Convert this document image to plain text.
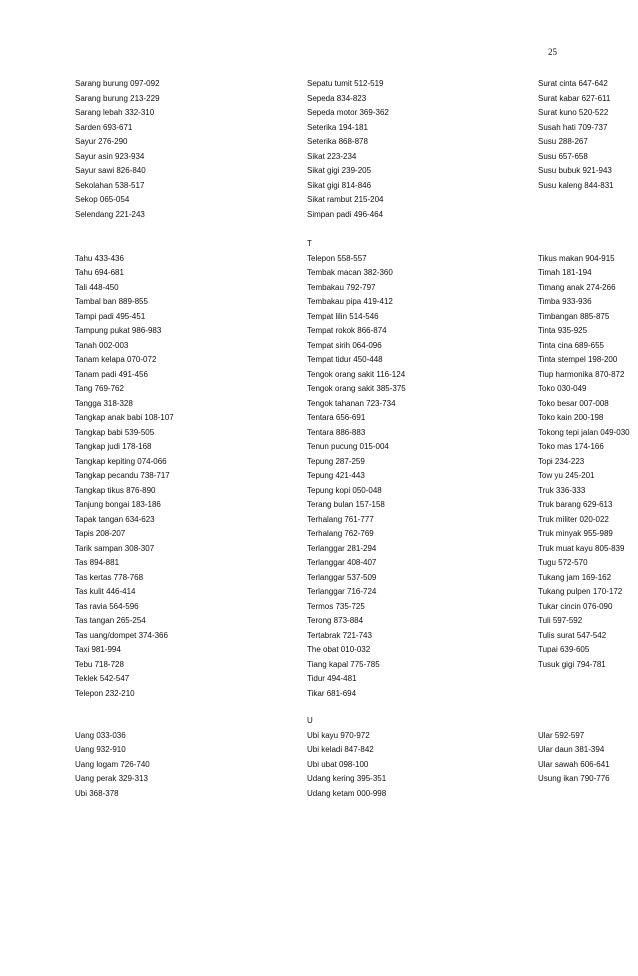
25
Sarang burung 097-092
Sarang burung 213-229
Sarang lebah 332-310
Sarden 693-671
Sayur 276-290
Sayur asin 923-934
Sayur sawi 826-840
Sekolahan 538-517
Sekop 065-054
Selendang 221-243
Sepatu tumit 512-519
Sepeda 834-823
Sepeda motor 369-362
Seterika 194-181
Seterika 868-878
Sikat 223-234
Sikat gigi 239-205
Sikat gigi 814-846
Sikat rambut 215-204
Simpan padi 496-464
Surat cinta 647-642
Surat kabar 627-611
Surat kuno 520-522
Susah hati 709-737
Susu 288-267
Susu 657-658
Susu bubuk 921-943
Susu kaleng 844-831
Tahu 433-436
Tahu 694-681
Tali 448-450
Tambal ban 889-855
Tampi padi 495-451
Tampung pukat 986-983
Tanah 002-003
Tanam kelapa 070-072
Tanam padi 491-456
Tang 769-762
Tangga 318-328
Tangkap anak babi 108-107
Tangkap babi 539-505
Tangkap judi 178-168
Tangkap kepiting 074-066
Tangkap pecandu 738-717
Tangkap tikus 876-890
Tanjung bongai 183-186
Tapak tangan 634-623
Tapis 208-207
Tarik sampan 308-307
Tas 894-881
Tas kertas 778-768
Tas kulit 446-414
Tas ravia 564-596
Tas tangan 265-254
Tas uang/dompet 374-366
Taxi 981-994
Tebu 718-728
Teklek 542-547
Telepon 232-210
T
Telepon 558-557
Tembak macan 382-360
Tembakau 792-797
Tembakau pipa 419-412
Tempat lilin 514-546
Tempat rokok 866-874
Tempat sirih 064-096
Tempat tidur 450-448
Tengok orang sakit 116-124
Tengok orang sakit 385-375
Tengok tahanan 723-734
Tentara 656-691
Tentara 886-883
Tenun pucung 015-004
Tepung 287-259
Tepung 421-443
Tepung kopi 050-048
Terang bulan 157-158
Terhalang 761-777
Terhalang 762-769
Terlanggar 281-294
Terlanggar 408-407
Terlanggar 537-509
Terlanggar 716-724
Termos 735-725
Terong 873-884
Tertabrak 721-743
The obat 010-032
Tiang kapal 775-785
Tidur 494-481
Tikar 681-694
Tikus makan 904-915
Timah 181-194
Timang anak 274-266
Timba 933-936
Timbangan 885-875
Tinta 935-925
Tinta cina 689-655
Tinta stempel 198-200
Tiup harmonika 870-872
Toko 030-049
Toko besar 007-008
Toko kain 200-198
Tokong tepi jalan 049-030
Toko mas 174-166
Topi 234-223
Tow yu 245-201
Truk 336-333
Truk barang 629-613
Truk militer 020-022
Truk minyak 955-989
Truk muat kayu 805-839
Tugu 572-570
Tukang jam 169-162
Tukang pulpen 170-172
Tukar cincin 076-090
Tuli 597-592
Tulis surat 547-542
Tupai 639-605
Tusuk gigi 794-781
Uang 033-036
Uang 932-910
Uang logam 726-740
Uang perak 329-313
Ubi 368-378
U
Ubi kayu 970-972
Ubi keladi 847-842
Ubi ubat 098-100
Udang kering 395-351
Udang ketam 000-998
Ular 592-597
Ular daun 381-394
Ular sawah 606-641
Usung ikan 790-776
